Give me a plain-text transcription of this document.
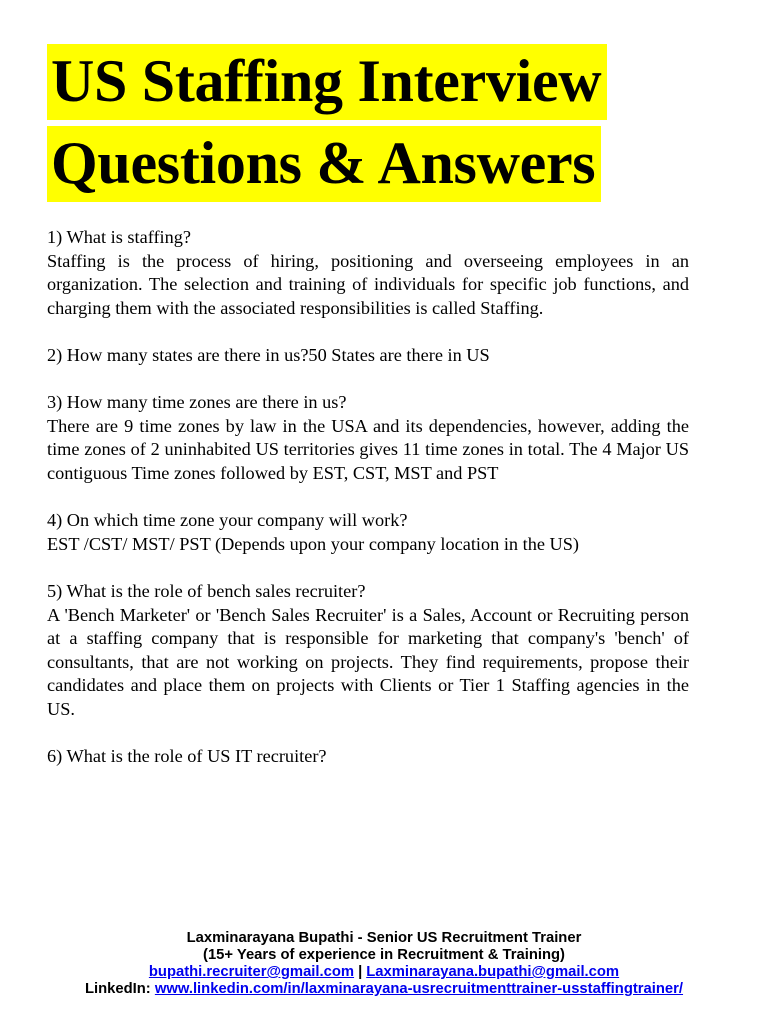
US Staffing Interview
Questions & Answers
1) What is staffing?
Staffing is the process of hiring, positioning and overseeing employees in an organization. The selection and training of individuals for specific job functions, and charging them with the associated responsibilities is called Staffing.
2) How many states are there in us?50 States are there in US
3) How many time zones are there in us?
There are 9 time zones by law in the USA and its dependencies, however, adding the time zones of 2 uninhabited US territories gives 11 time zones in total. The 4 Major US contiguous Time zones followed by EST, CST, MST and PST
4) On which time zone your company will work?
EST /CST/ MST/ PST (Depends upon your company location in the US)
5) What is the role of bench sales recruiter?
A 'Bench Marketer' or 'Bench Sales Recruiter' is a Sales, Account or Recruiting person at a staffing company that is responsible for marketing that company's 'bench' of consultants, that are not working on projects. They find requirements, propose their candidates and place them on projects with Clients or Tier 1 Staffing agencies in the US.
6) What is the role of US IT recruiter?
Laxminarayana Bupathi - Senior US Recruitment Trainer
(15+ Years of experience in Recruitment & Training)
bupathi.recruiter@gmail.com | Laxminarayana.bupathi@gmail.com
LinkedIn: www.linkedin.com/in/laxminarayana-usrecruitmenttrainer-usstaffingtrainer/
